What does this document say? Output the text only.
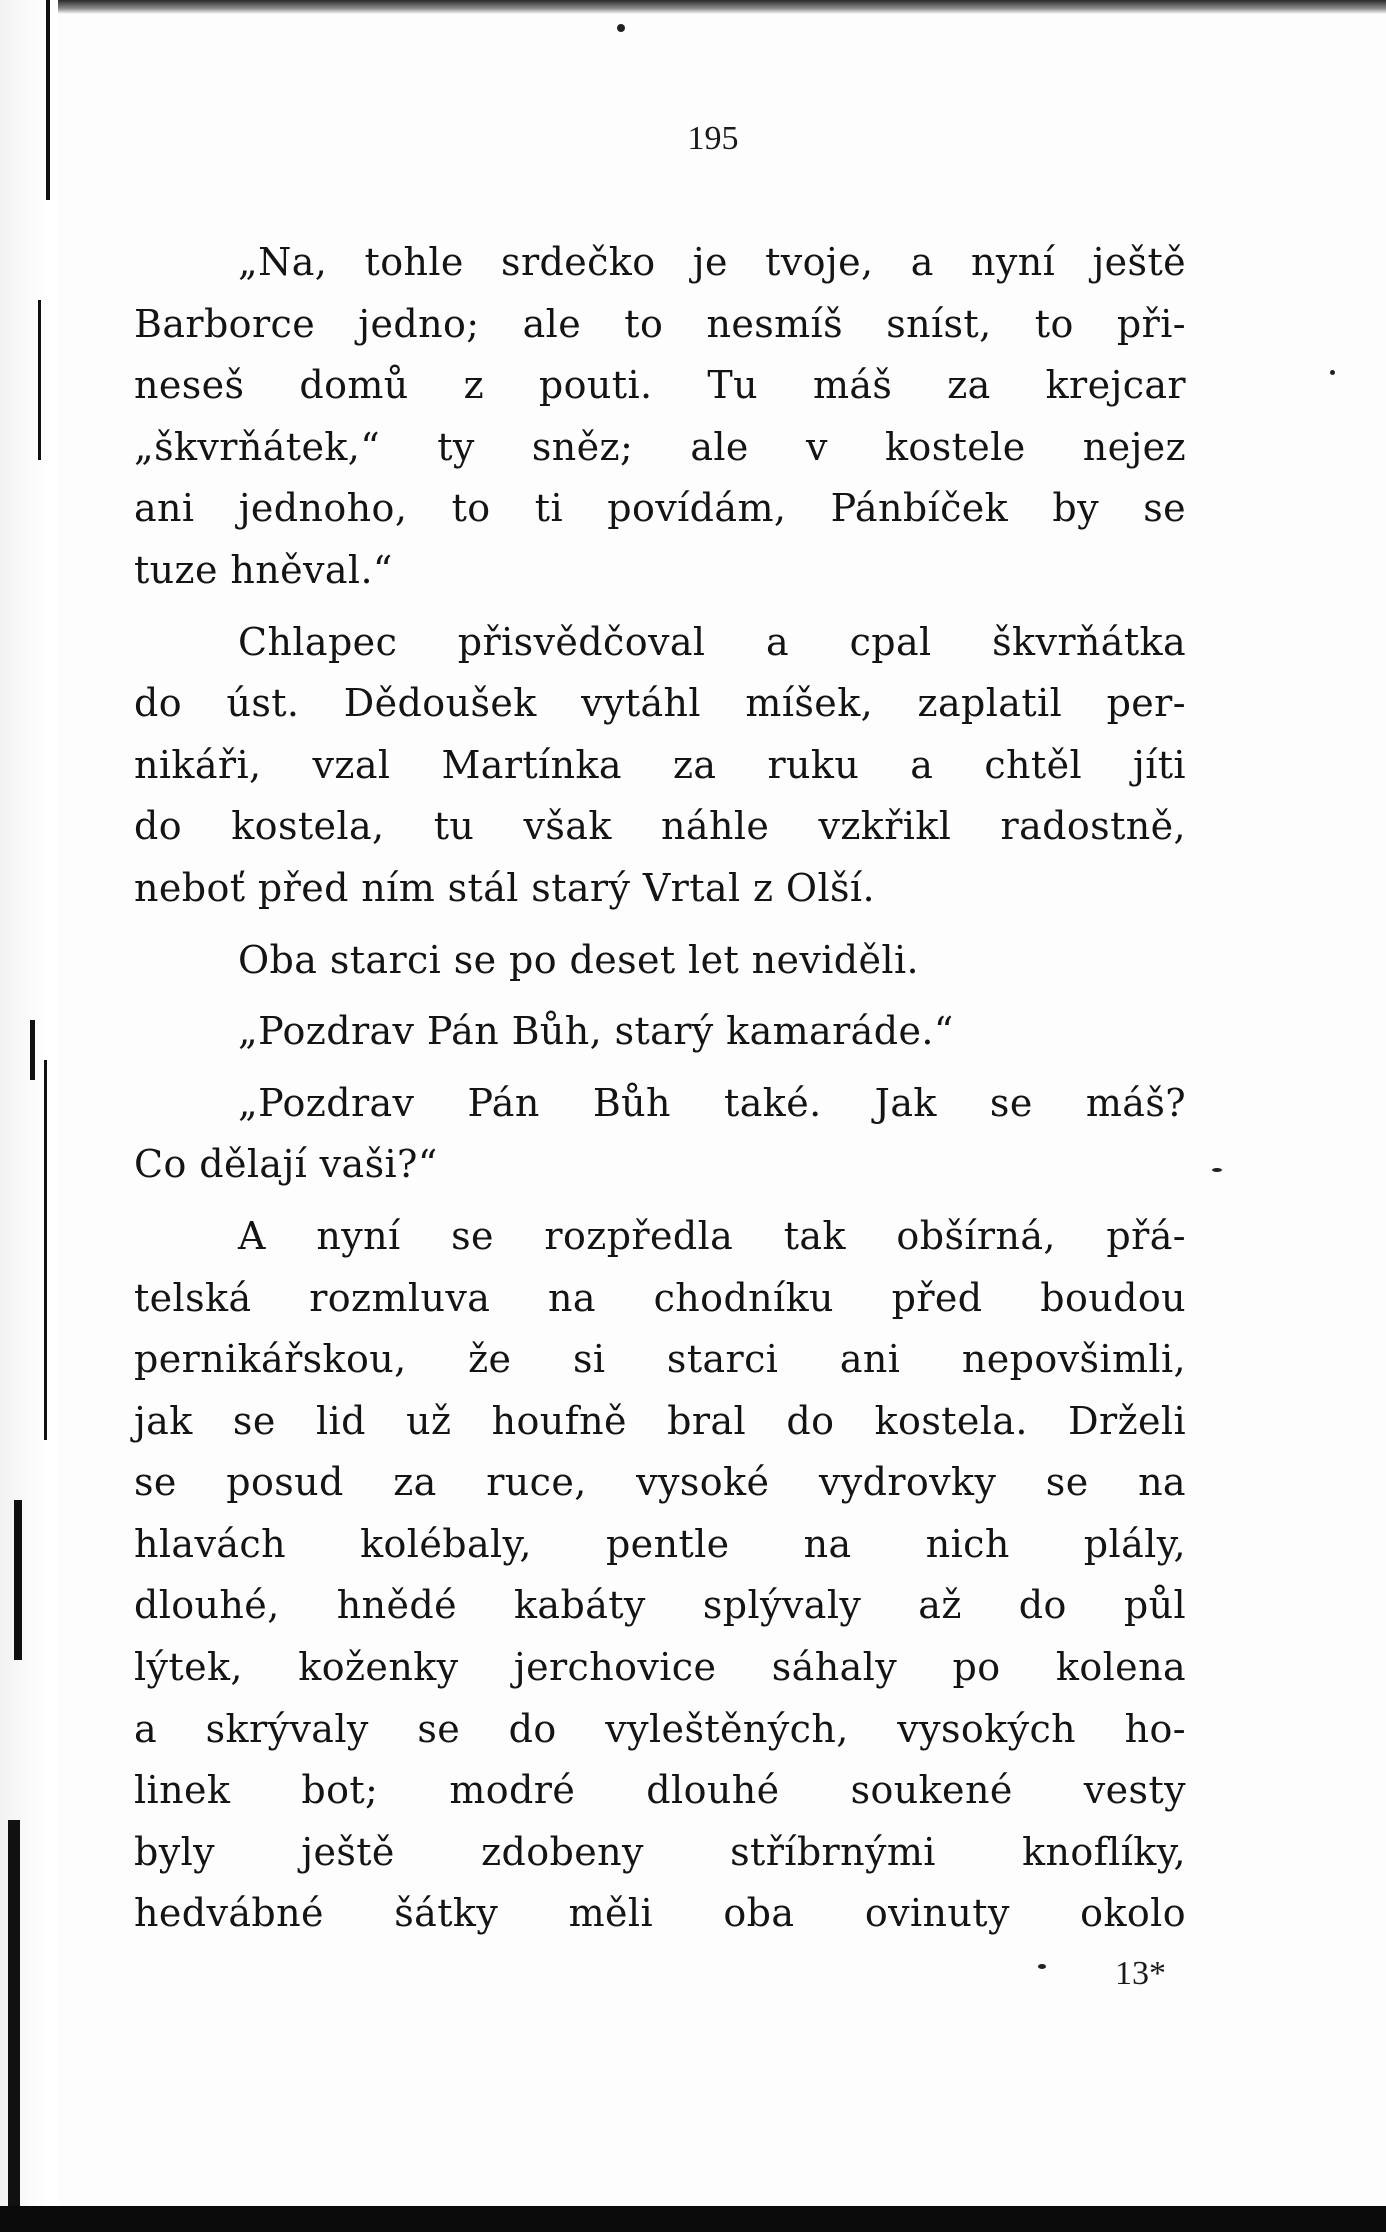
195
„Na, tohle srdečko je tvoje, a nyní ještě
Barborce jedno; ale to nesmíš sníst, to při-
neseš domů z pouti. Tu máš za krejcar
„škvrňátek,“ ty sněz; ale v kostele nejez
ani jednoho, to ti povídám, Pánbíček by se
tuze hněval.“
Chlapec přisvědčoval a cpal škvrňátka
do úst. Dědoušek vytáhl míšek, zaplatil per-
nikáři, vzal Martínka za ruku a chtěl jíti
do kostela, tu však náhle vzkřikl radostně,
neboť před ním stál starý Vrtal z Olší.
Oba starci se po deset let neviděli.
„Pozdrav Pán Bůh, starý kamaráde.“
„Pozdrav Pán Bůh také. Jak se máš?
Co dělají vaši?“
A nyní se rozpředla tak obšírná, přá-
telská rozmluva na chodníku před boudou
pernikářskou, že si starci ani nepovšimli,
jak se lid už houfně bral do kostela. Drželi
se posud za ruce, vysoké vydrovky se na
hlavách kolébaly, pentle na nich plály,
dlouhé, hnědé kabáty splývaly až do půl
lýtek, koženky jerchovice sáhaly po kolena
a skrývaly se do vyleštěných, vysokých ho-
linek bot; modré dlouhé soukené vesty
byly ještě zdobeny stříbrnými knoflíky,
hedvábné šátky měli oba ovinuty okolo
13*
